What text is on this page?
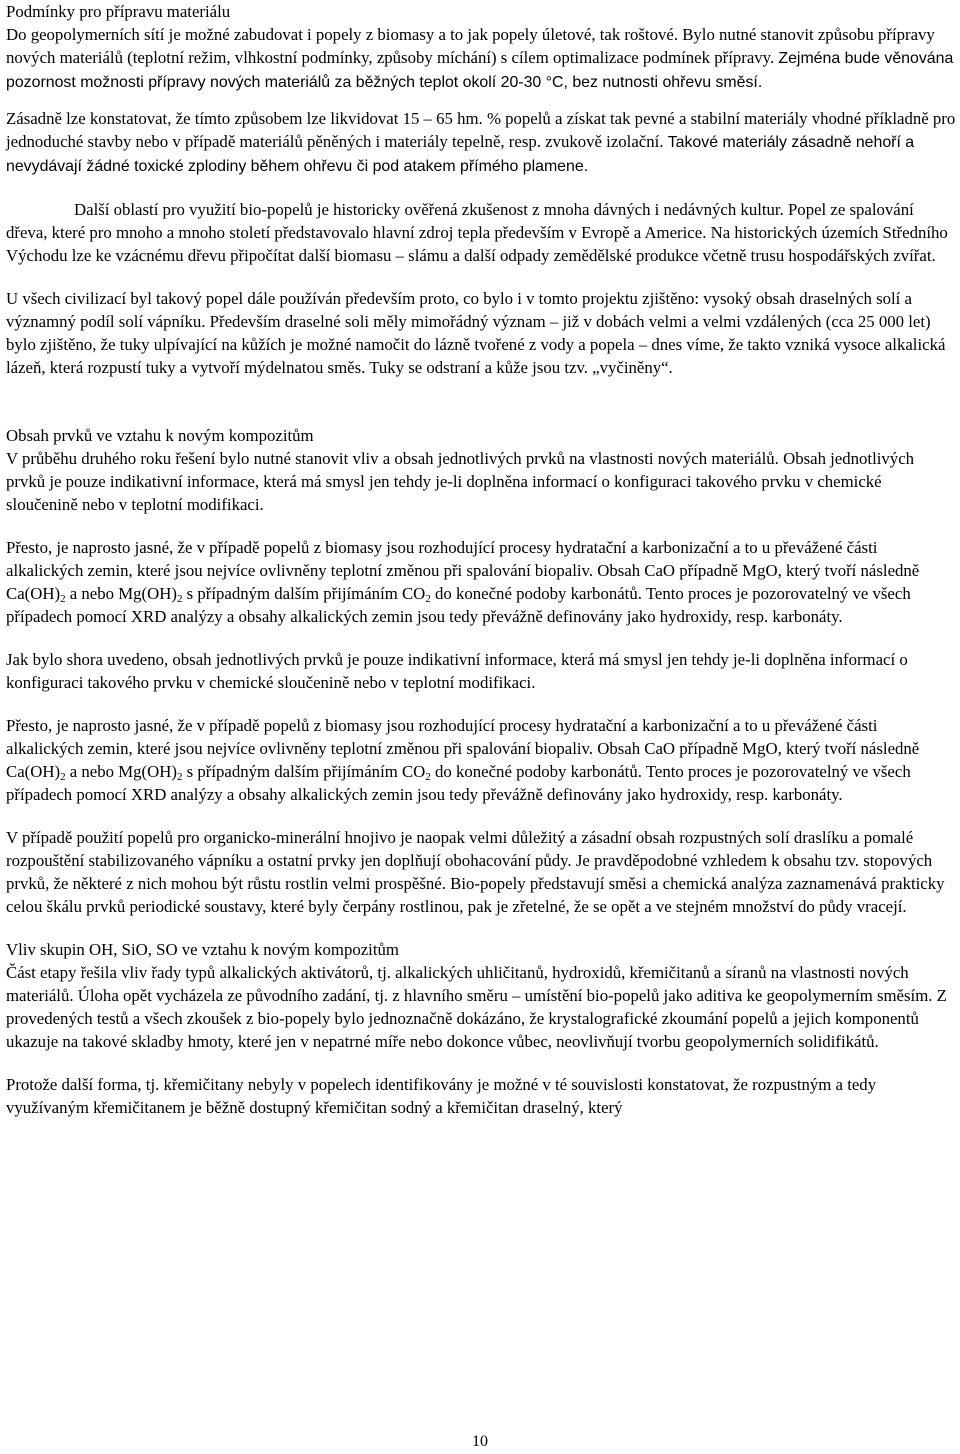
Podmínky pro přípravu materiálu

Do geopolymerních sítí je možné zabudovat i popely z biomasy a to jak popely úletové, tak roštové. Bylo nutné stanovit způsobu přípravy nových materiálů (teplotní režim, vlhkostní podmínky, způsoby míchání) s cílem optimalizace podmínek přípravy. Zejména bude věnována pozornost možnosti přípravy nových materiálů za běžných teplot okolí 20-30 °C, bez nutnosti ohřevu směsí.

Zásadně lze konstatovat, že tímto způsobem lze likvidovat 15 – 65 hm. % popelů a získat tak pevné a stabilní materiály vhodné příkladně pro jednoduché stavby nebo v případě materiálů pěněných i materiály tepelně, resp. zvukově izolační. Takové materiály zásadně nehoří a nevydávají žádné toxické zplodiny během ohřevu či pod atakem přímého plamene.

Další oblastí pro využití bio-popelů je historicky ověřená zkušenost z mnoha dávných i nedávných kultur. Popel ze spalování dřeva, které pro mnoho a mnoho století představovalo hlavní zdroj tepla především v Evropě a Americe. Na historických územích Středního Východu lze ke vzácnému dřevu připočítat další biomasu – slámu a další odpady zemědělské produkce včetně trusu hospodářských zvířat.

U všech civilizací byl takový popel dále používán především proto, co bylo i v tomto projektu zjištěno: vysoký obsah draselných solí a významný podíl solí vápníku. Především draselné soli měly mimořádný význam – již v dobách velmi a velmi vzdálených (cca 25 000 let) bylo zjištěno, že tuky ulpívající na kůžích je možné namočit do lázně tvořené z vody a popela – dnes víme, že takto vzniká vysoce alkalická lázeň, která rozpustí tuky a vytvoří mýdelnatou směs. Tuky se odstraní a kůže jsou tzv. „vyčiněny“.

Obsah prvků ve vztahu k novým kompozitům

V průběhu druhého roku řešení bylo nutné stanovit vliv a obsah jednotlivých prvků na vlastnosti nových materiálů. Obsah jednotlivých prvků je pouze indikativní informace, která má smysl jen tehdy je-li doplněna informací o konfiguraci takového prvku v chemické sloučenině nebo v teplotní modifikaci.

Přesto, je naprosto jasné, že v případě popelů z biomasy jsou rozhodující procesy hydratační a karbonizační a to u převážené části alkalických zemin, které jsou nejvíce ovlivněny teplotní změnou při spalování biopaliv. Obsah CaO případně MgO, který tvoří následně $Ca(OH)_2$ a nebo $Mg(OH)_2$ s případným dalším přijímáním $CO_2$ do konečné podoby karbonátů. Tento proces je pozorovatelný ve všech případech pomocí XRD analýzy a obsahy alkalických zemin jsou tedy převážně definovány jako hydroxidy, resp. karbonáty.

Jak bylo shora uvedeno, obsah jednotlivých prvků je pouze indikativní informace, která má smysl jen tehdy je-li doplněna informací o konfiguraci takového prvku v chemické sloučenině nebo v teplotní modifikaci.

Přesto, je naprosto jasné, že v případě popelů z biomasy jsou rozhodující procesy hydratační a karbonizační a to u převážené části alkalických zemin, které jsou nejvíce ovlivněny teplotní změnou při spalování biopaliv. Obsah CaO případně MgO, který tvoří následně $Ca(OH)_2$ a nebo $Mg(OH)_2$ s případným dalším přijímáním $CO_2$ do konečné podoby karbonátů. Tento proces je pozorovatelný ve všech případech pomocí XRD analýzy a obsahy alkalických zemin jsou tedy převážně definovány jako hydroxidy, resp. karbonáty.

V případě použití popelů pro organicko-minerální hnojivo je naopak velmi důležitý a zásadní obsah rozpustných solí draslíku a pomalé rozpouštění stabilizovaného vápníku a ostatní prvky jen doplňují obohacování půdy. Je pravděpodobné vzhledem k obsahu tzv. stopových prvků, že některé z nich mohou být růstu rostlin velmi prospěšné. Bio-popely představují směsi a chemická analýza zaznamenává prakticky celou škálu prvků periodické soustavy, které byly čerpány rostlinou, pak je zřetelné, že se opět a ve stejném množství do půdy vracejí.

Vliv skupin OH, SiO, SO ve vztahu k novým kompozitům

Část etapy řešila vliv řady typů alkalických aktivátorů, tj. alkalických uhličitanů, hydroxidů, křemičitanů a síranů na vlastnosti nových materiálů. Úloha opět vycházela ze původního zadání, tj. z hlavního směru – umístění bio-popelů jako aditiva ke geopolymerním směsím. Z provedených testů a všech zkoušek z bio-popely bylo jednoznačně dokázáno, že krystalografické zkoumání popelů a jejich komponentů ukazuje na takové skladby hmoty, které jen v nepatrné míře nebo dokonce vůbec, neovlivňují tvorbu geopolymerních solidifikátů.

Protože další forma, tj. křemičitany nebyly v popelech identifikovány je možné v té souvislosti konstatovat, že rozpustným a tedy využívaným křemičitanem je běžně dostupný křemičitan sodný a křemičitan draselný, který

10
